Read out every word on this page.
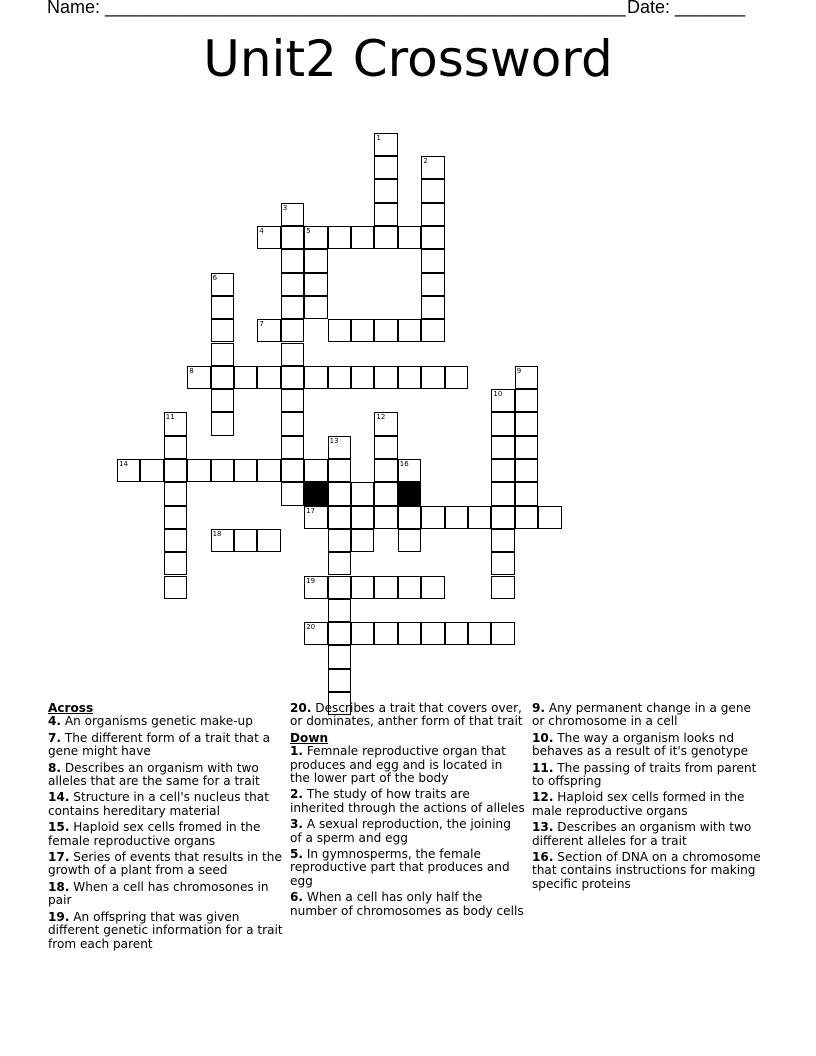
Name: ____________________________________________________ Date: _______
Unit2 Crossword
1
2
3
4	5
6
7
8	9
10
11	12
13
14	16
17
18
19
20
Across
4. An organisms genetic make-up
7. The different form of a trait that a gene might have
8. Describes an organism with two alleles that are the same for a trait
14. Structure in a cell's nucleus that contains hereditary material
15. Haploid sex cells fromed in the female reproductive organs
17. Series of events that results in the growth of a plant from a seed
18. When a cell has chromosones in pair
19. An offspring that was given different genetic information for a trait from each parent
20. Describes a trait that covers over, or dominates, anther form of that trait
Down
1. Femnale reproductive organ that produces and egg and is located in the lower part of the body
2. The study of how traits are inherited through the actions of alleles
3. A sexual reproduction, the joining of a sperm and egg
5. In gymnosperms, the female reproductive part that produces and egg
6. When a cell has only half the number of chromosomes as body cells
9. Any permanent change in a gene or chromosome in a cell
10. The way a organism looks nd behaves as a result of it's genotype
11. The passing of traits from parent to offspring
12. Haploid sex cells formed in the male reproductive organs
13. Describes an organism with two different alleles for a trait
16. Section of DNA on a chromosome that contains instructions for making specific proteins
